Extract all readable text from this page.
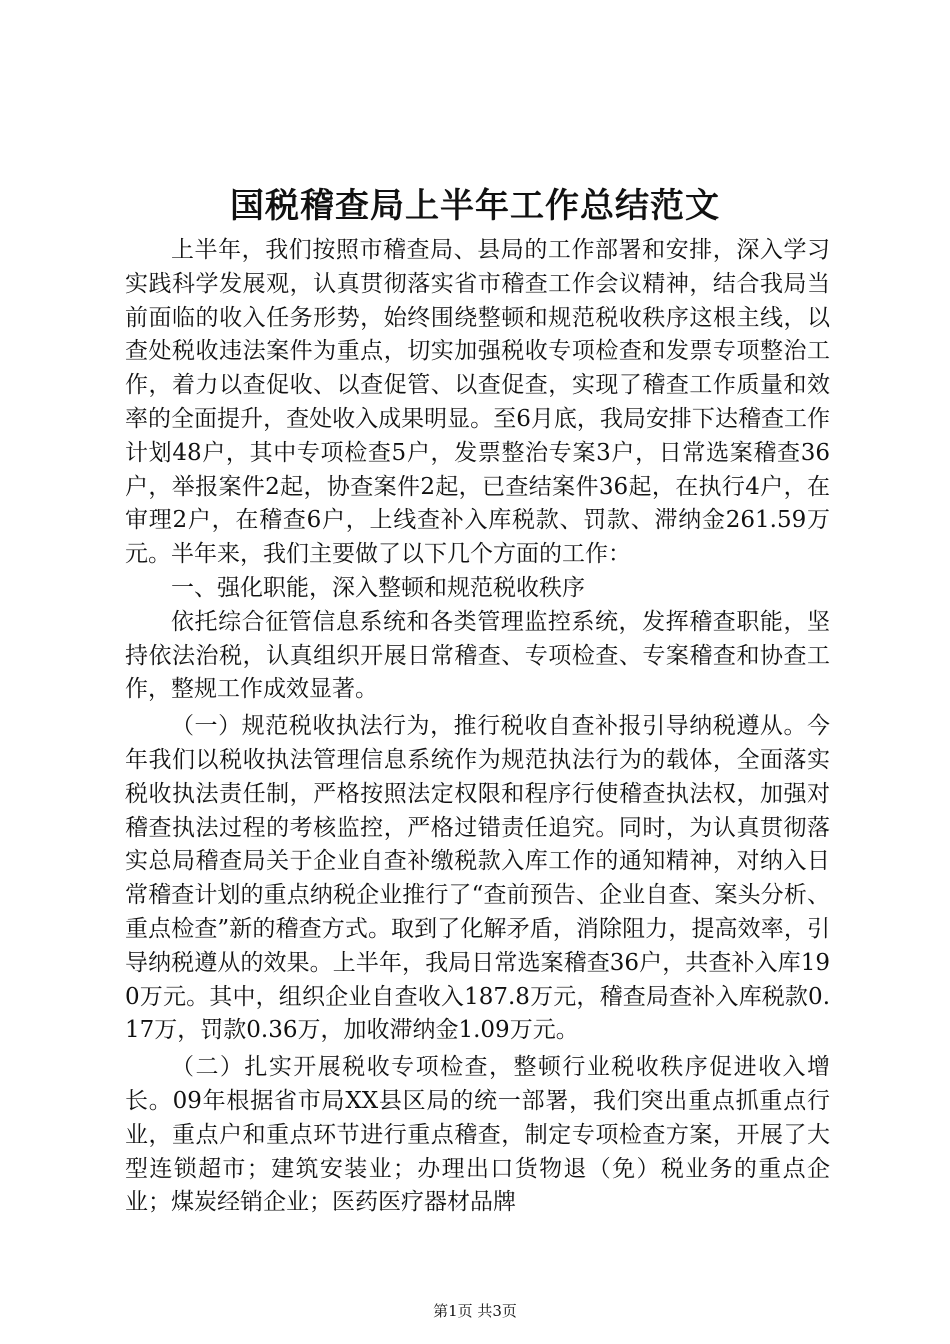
国税稽查局上半年工作总结范文

上半年，我们按照市稽查局、县局的工作部署和安排，深入学习实践科学发展观，认真贯彻落实省市稽查工作会议精神，结合我局当前面临的收入任务形势，始终围绕整顿和规范税收秩序这根主线，以查处税收违法案件为重点，切实加强税收专项检查和发票专项整治工作，着力以查促收、以查促管、以查促查，实现了稽查工作质量和效率的全面提升，查处收入成果明显。至6月底，我局安排下达稽查工作计划48户，其中专项检查5户，发票整治专案3户，日常选案稽查36户，举报案件2起，协查案件2起，已查结案件36起，在执行4户，在审理2户，在稽查6户，上线查补入库税款、罚款、滞纳金261.59万元。半年来，我们主要做了以下几个方面的工作：

一、强化职能，深入整顿和规范税收秩序

依托综合征管信息系统和各类管理监控系统，发挥稽查职能，坚持依法治税，认真组织开展日常稽查、专项检查、专案稽查和协查工作，整规工作成效显著。

（一）规范税收执法行为，推行税收自查补报引导纳税遵从。今年我们以税收执法管理信息系统作为规范执法行为的载体，全面落实税收执法责任制，严格按照法定权限和程序行使稽查执法权，加强对稽查执法过程的考核监控，严格过错责任追究。同时，为认真贯彻落实总局稽查局关于企业自查补缴税款入库工作的通知精神，对纳入日常稽查计划的重点纳税企业推行了“查前预告、企业自查、案头分析、重点检查”新的稽查方式。取到了化解矛盾，消除阻力，提高效率，引导纳税遵从的效果。上半年，我局日常选案稽查36户，共查补入库190万元。其中，组织企业自查收入187.8万元，稽查局查补入库税款0.17万，罚款0.36万，加收滞纳金1.09万元。

（二）扎实开展税收专项检查，整顿行业税收秩序促进收入增长。09年根据省市局XX县区局的统一部署，我们突出重点抓重点行业，重点户和重点环节进行重点稽查，制定专项检查方案，开展了大型连锁超市；建筑安装业；办理出口货物退（免）税业务的重点企业；煤炭经销企业；医药医疗器材品牌

第1页 共3页
